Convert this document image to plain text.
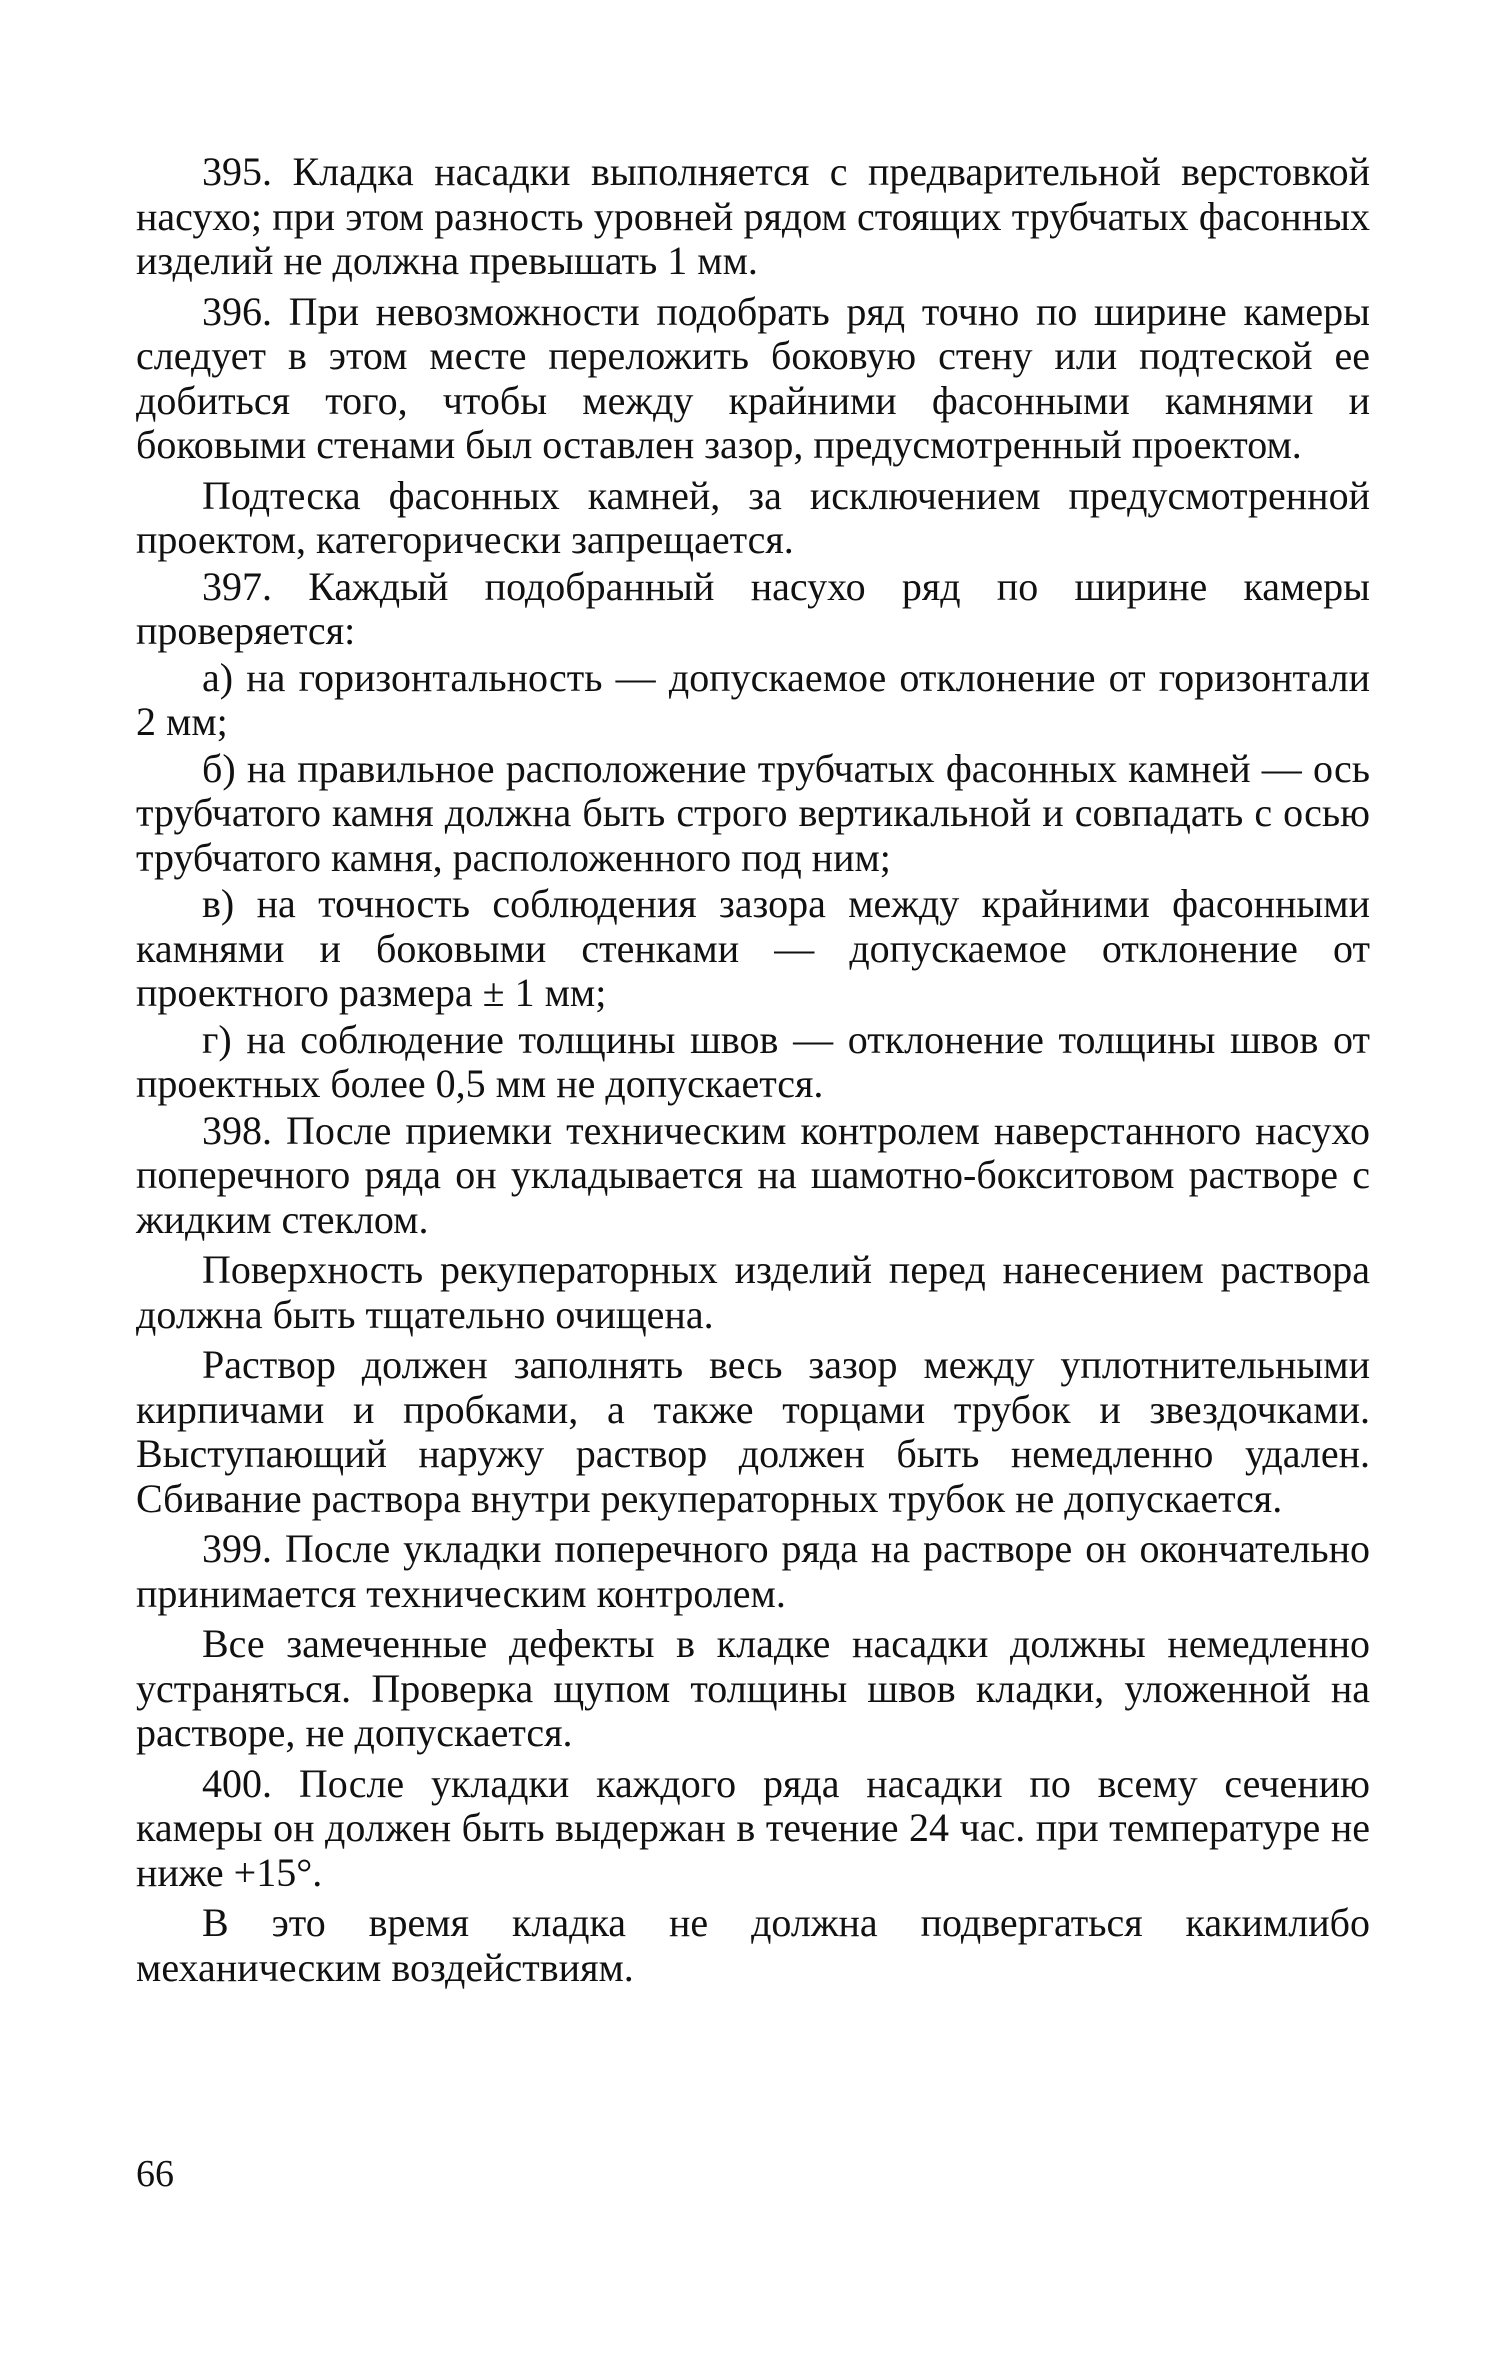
395. Кладка насадки выполняется с предварительной верстовкой насухо; при этом разность уровней рядом стоящих трубчатых фасонных изделий не должна превышать 1 мм.

396. При невозможности подобрать ряд точно по ширине камеры следует в этом месте переложить боковую стену или подтеской ее добиться того, чтобы между крайними фасонными камнями и боковыми стенами был оставлен зазор, предусмотренный проектом.

Подтеска фасонных камней, за исключением предусмотренной проектом, категорически запрещается.

397. Каждый подобранный насухо ряд по ширине камеры проверяется:

а) на горизонтальность — допускаемое отклонение от горизонтали 2 мм;

б) на правильное расположение трубчатых фасонных камней — ось трубчатого камня должна быть строго вертикальной и совпадать с осью трубчатого камня, расположенного под ним;

в) на точность соблюдения зазора между крайними фасонными камнями и боковыми стенками — допускаемое отклонение от проектного размера ± 1 мм;

г) на соблюдение толщины швов — отклонение толщины швов от проектных более 0,5 мм не допускается.

398. После приемки техническим контролем наверстанного насухо поперечного ряда он укладывается на шамотно-бокситовом растворе с жидким стеклом.

Поверхность рекуператорных изделий перед нанесением раствора должна быть тщательно очищена.

Раствор должен заполнять весь зазор между уплотнительными кирпичами и пробками, а также торцами трубок и звездочками. Выступающий наружу раствор должен быть немедленно удален. Сбивание раствора внутри рекуператорных трубок не допускается.

399. После укладки поперечного ряда на растворе он окончательно принимается техническим контролем.

Все замеченные дефекты в кладке насадки должны немедленно устраняться. Проверка щупом толщины швов кладки, уложенной на растворе, не допускается.

400. После укладки каждого ряда насадки по всему сечению камеры он должен быть выдержан в течение 24 час. при температуре не ниже +15°.

В это время кладка не должна подвергаться какимлибо механическим воздействиям.

66
